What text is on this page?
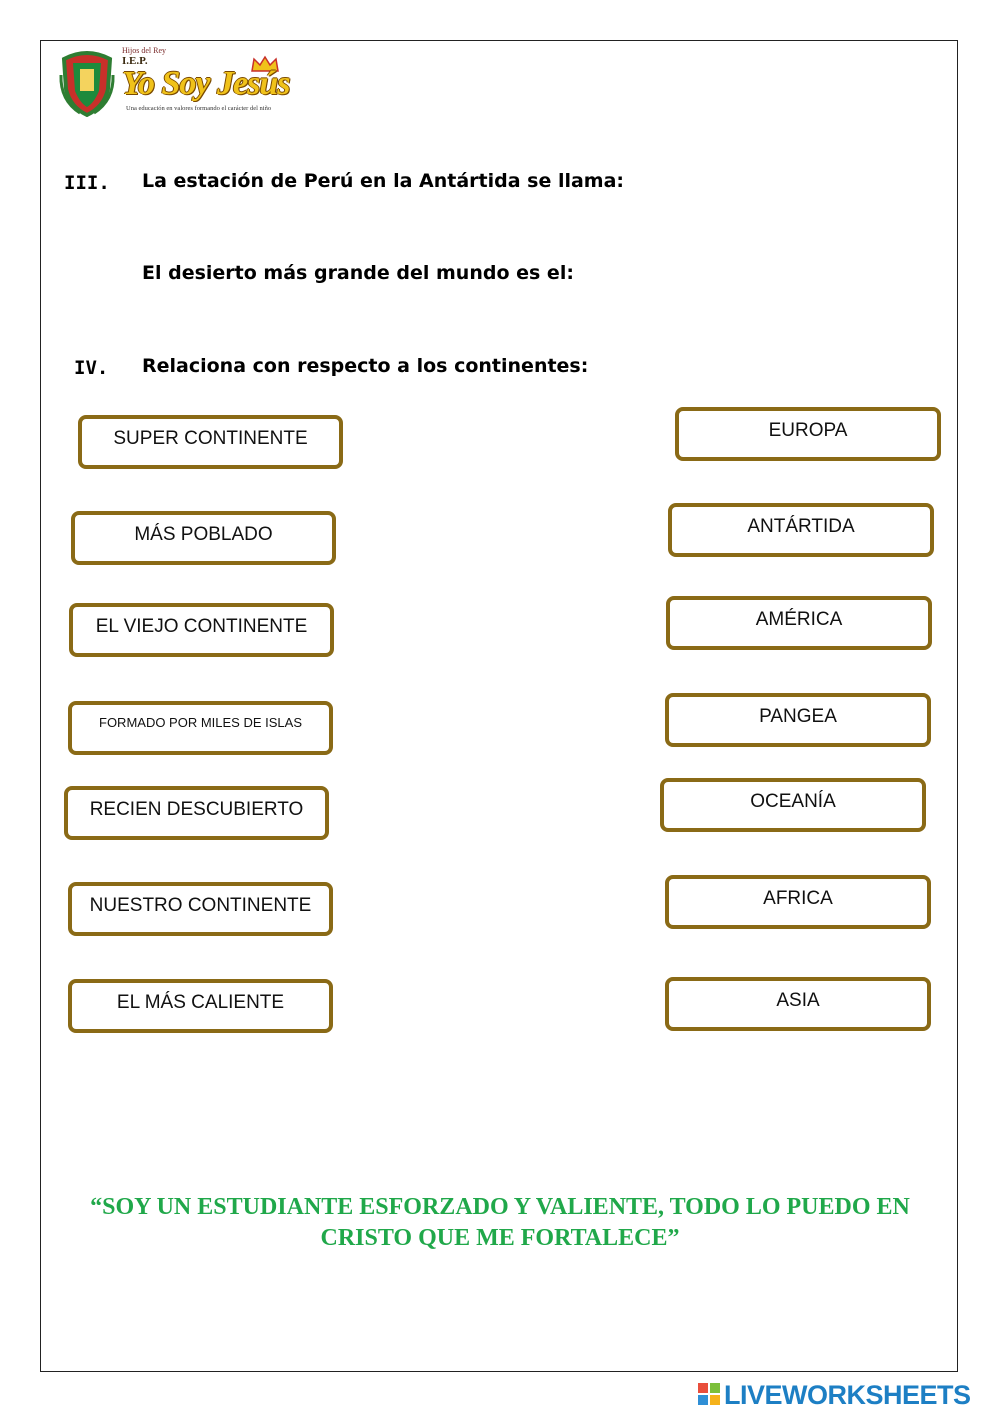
Hijos del Rey
I.E.P.
Yo Soy Jesús
Una educación en valores formando el carácter del niño
III. La estación de Perú en la Antártida se llama:
El desierto más grande del mundo es el:
IV. Relaciona con respecto a los continentes:
SUPER CONTINENTE
MÁS POBLADO
EL VIEJO CONTINENTE
FORMADO POR MILES DE ISLAS
RECIEN DESCUBIERTO
NUESTRO CONTINENTE
EL MÁS CALIENTE
EUROPA
ANTÁRTIDA
AMÉRICA
PANGEA
OCEANÍA
AFRICA
ASIA
“SOY UN ESTUDIANTE ESFORZADO Y VALIENTE, TODO LO PUEDO EN CRISTO QUE ME FORTALECE”
LIVEWORKSHEETS
